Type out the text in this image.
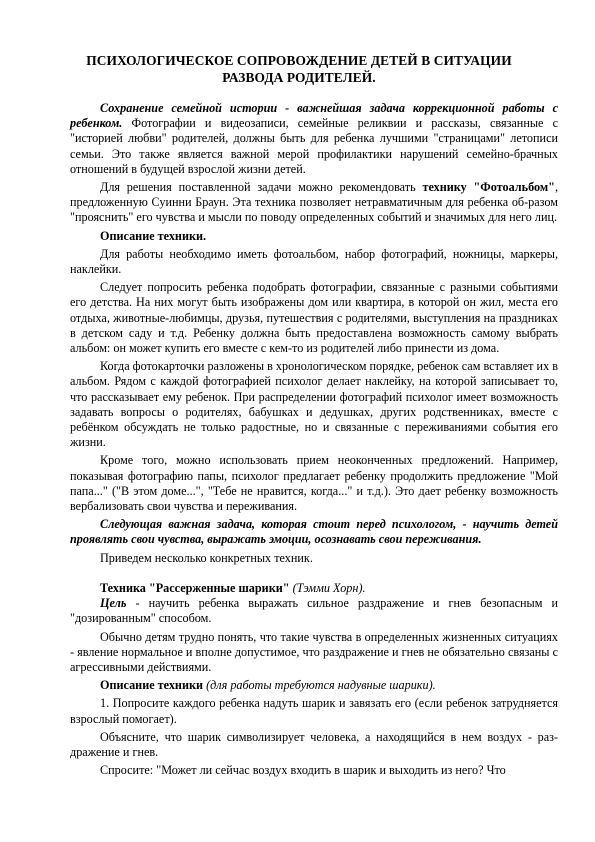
ПСИХОЛОГИЧЕСКОЕ СОПРОВОЖДЕНИЕ ДЕТЕЙ В СИТУАЦИИ
РАЗВОДА РОДИТЕЛЕЙ.

Сохранение семейной истории - важнейшая задача коррекционной работы с ребенком. Фотографии и видеозаписи, семейные реликвии и рассказы, связанные с "историей любви" родителей, должны быть для ребенка лучшими "страницами" летописи семьи. Это также является важной мерой профилактики нарушений семейно-брачных отношений в будущей взрослой жизни детей.

Для решения поставленной задачи можно рекомендовать технику "Фотоальбом", предложенную Суинни Браун. Эта техника позволяет нетравматичным для ребенка об-разом "прояснить" его чувства и мысли по поводу определенных событий и значимых для него лиц.

Описание техники.

Для работы необходимо иметь фотоальбом, набор фотографий, ножницы, маркеры, наклейки.

Следует попросить ребенка подобрать фотографии, связанные с разными событиями его детства. На них могут быть изображены дом или квартира, в которой он жил, места его отдыха, животные-любимцы, друзья, путешествия с родителями, выступления на праздниках в детском саду и т.д. Ребенку должна быть предоставлена возможность самому выбрать альбом: он может купить его вместе с кем-то из родителей либо принести из дома.

Когда фотокарточки разложены в хронологическом порядке, ребенок сам вставляет их в альбом. Рядом с каждой фотографией психолог делает наклейку, на которой записывает то, что рассказывает ему ребенок. При распределении фотографий психолог имеет возможность задавать вопросы о родителях, бабушках и дедушках, других родственниках, вместе с ребёнком обсуждать не только радостные, но и связанные с переживаниями события его жизни.

Кроме того, можно использовать прием неоконченных предложений. Например, показывая фотографию папы, психолог предлагает ребенку продолжить предложение "Мой папа..." ("В этом доме...", "Тебе не нравится, когда..." и т.д.). Это дает ребенку возможность вербализовать свои чувства и переживания.

Следующая важная задача, которая стоит перед психологом, - научить детей проявлять свои чувства, выражать эмоции, осознавать свои переживания.

Приведем несколько конкретных техник.

Техника "Рассерженные шарики" (Тэмми Хорн).

Цель - научить ребенка выражать сильное раздражение и гнев безопасным и "дозированным" способом.

Обычно детям трудно понять, что такие чувства в определенных жизненных ситуациях - явление нормальное и вполне допустимое, что раздражение и гнев не обязательно связаны с агрессивными действиями.

Описание техники (для работы требуются надувные шарики).

1. Попросите каждого ребенка надуть шарик и завязать его (если ребенок затрудняется взрослый помогает).

Объясните, что шарик символизирует человека, а находящийся в нем воздух - раз-дражение и гнев.

Спросите: "Может ли сейчас воздух входить в шарик и выходить из него? Что
